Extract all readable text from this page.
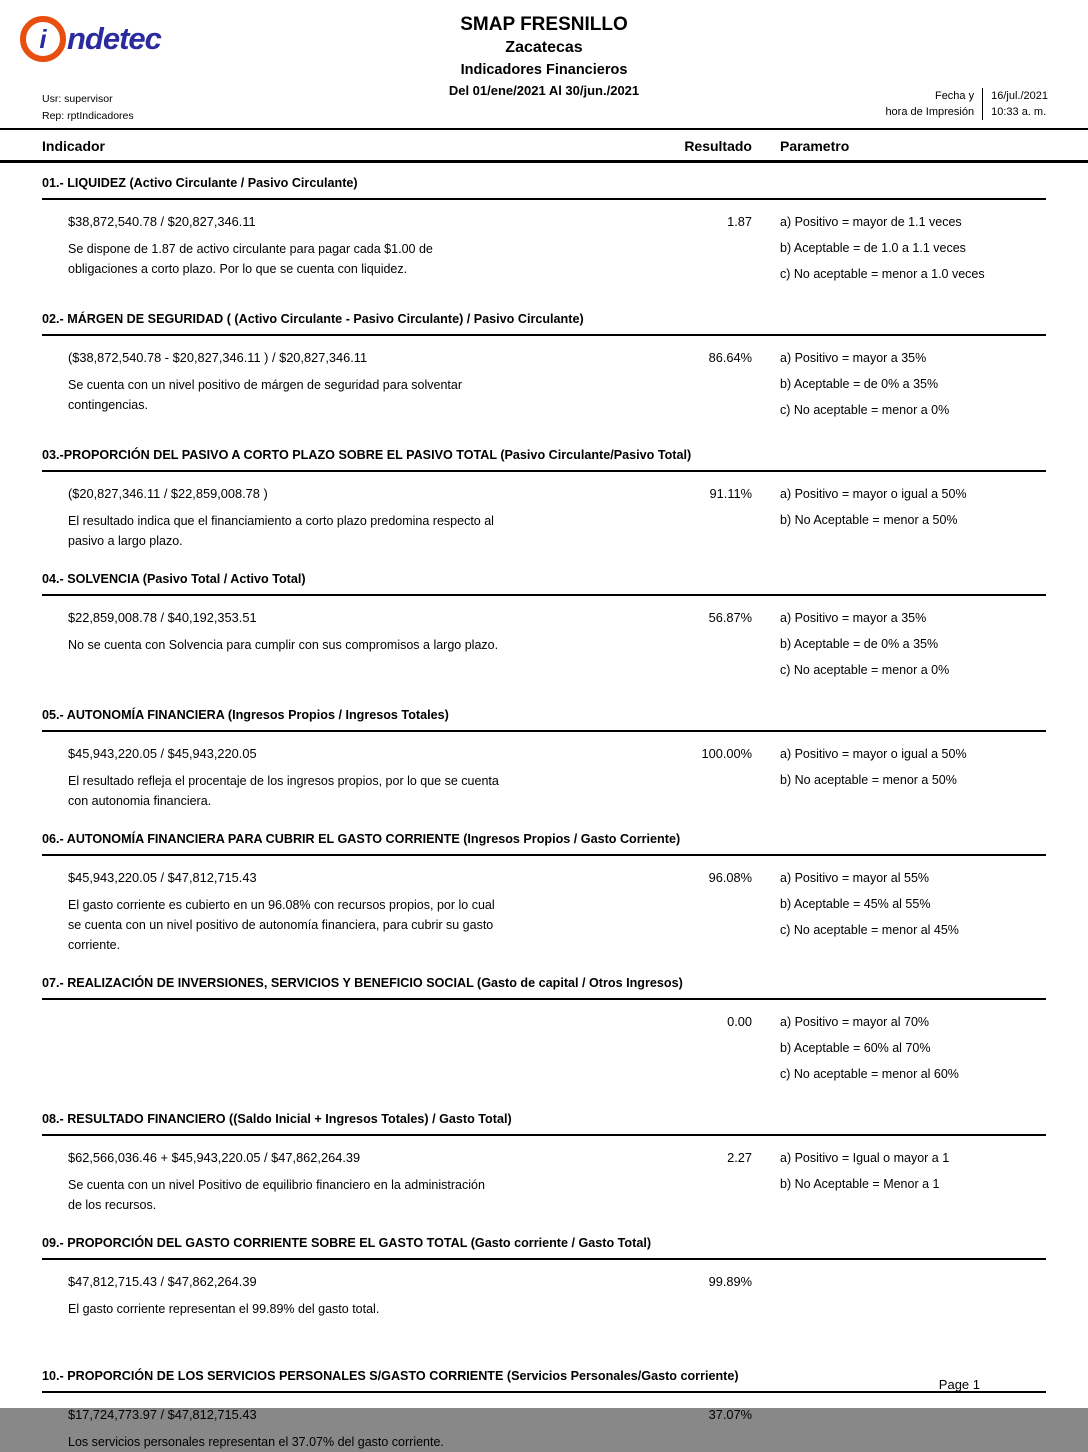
i ndetec	SMAP FRESNILLO
Zacatecas
Indicadores Financieros
Del 01/ene/2021 Al 30/jun./2021
Usr: supervisor
Rep: rptIndicadores
Fecha y
hora de Impresión
16/jul./2021
10:33 a. m.
Indicador	Resultado	Parametro
01.- LIQUIDEZ (Activo Circulante / Pasivo Circulante)
$38,872,540.78 / $20,827,346.11
Se dispone de 1.87 de activo circulante para pagar cada $1.00 de obligaciones a corto plazo. Por lo que se cuenta con liquidez.
1.87 a) Positivo = mayor de 1.1 veces
b) Aceptable = de 1.0 a 1.1 veces
c) No aceptable = menor a 1.0 veces
02.- MÁRGEN DE SEGURIDAD ( (Activo Circulante - Pasivo Circulante) / Pasivo Circulante)
($38,872,540.78 - $20,827,346.11 ) / $20,827,346.11
Se cuenta con un nivel positivo de márgen de seguridad para solventar contingencias.
86.64% a) Positivo = mayor a 35%
b) Aceptable = de 0% a 35%
c) No aceptable = menor a 0%
03.-PROPORCIÓN DEL PASIVO A CORTO PLAZO SOBRE EL PASIVO TOTAL (Pasivo Circulante/Pasivo Total)
($20,827,346.11 / $22,859,008.78 )
El resultado indica que el financiamiento a corto plazo predomina respecto al pasivo a largo plazo.
91.11% a) Positivo = mayor o igual a 50%
b) No Aceptable = menor a 50%
04.- SOLVENCIA (Pasivo Total / Activo Total)
$22,859,008.78 / $40,192,353.51
No se cuenta con Solvencia para cumplir con sus compromisos a largo plazo.
56.87% a) Positivo = mayor a 35%
b) Aceptable = de 0% a 35%
c) No aceptable = menor a 0%
05.- AUTONOMÍA FINANCIERA (Ingresos Propios / Ingresos Totales)
$45,943,220.05 / $45,943,220.05
El resultado refleja el procentaje de los ingresos propios, por lo que se cuenta con autonomia financiera.
100.00% a) Positivo = mayor o igual a 50%
b) No aceptable = menor a 50%
06.- AUTONOMÍA FINANCIERA PARA CUBRIR EL GASTO CORRIENTE (Ingresos Propios / Gasto Corriente)
$45,943,220.05 / $47,812,715.43
El gasto corriente es cubierto en un 96.08% con recursos propios, por lo cual se cuenta con un nivel positivo de autonomía financiera, para cubrir su gasto corriente.
96.08% a) Positivo = mayor al 55%
b) Aceptable = 45% al 55%
c) No aceptable = menor al 45%
07.- REALIZACIÓN DE INVERSIONES, SERVICIOS Y BENEFICIO SOCIAL (Gasto de capital / Otros Ingresos)
0.00 a) Positivo = mayor al 70%
b) Aceptable = 60% al 70%
c) No aceptable = menor al 60%
08.- RESULTADO FINANCIERO ((Saldo Inicial + Ingresos Totales) / Gasto Total)
$62,566,036.46 + $45,943,220.05 / $47,862,264.39
Se cuenta con un nivel Positivo de equilibrio financiero en la administración de los recursos.
2.27 a) Positivo = Igual o mayor a 1
b) No Aceptable = Menor a 1
09.- PROPORCIÓN DEL GASTO CORRIENTE SOBRE EL GASTO TOTAL (Gasto corriente / Gasto Total)
$47,812,715.43 / $47,862,264.39
El gasto corriente representan el 99.89% del gasto total.
99.89%
10.- PROPORCIÓN DE LOS SERVICIOS PERSONALES S/GASTO CORRIENTE (Servicios Personales/Gasto corriente)
$17,724,773.97 / $47,812,715.43
Los servicios personales representan el 37.07% del gasto corriente.
37.07%
Page 1
